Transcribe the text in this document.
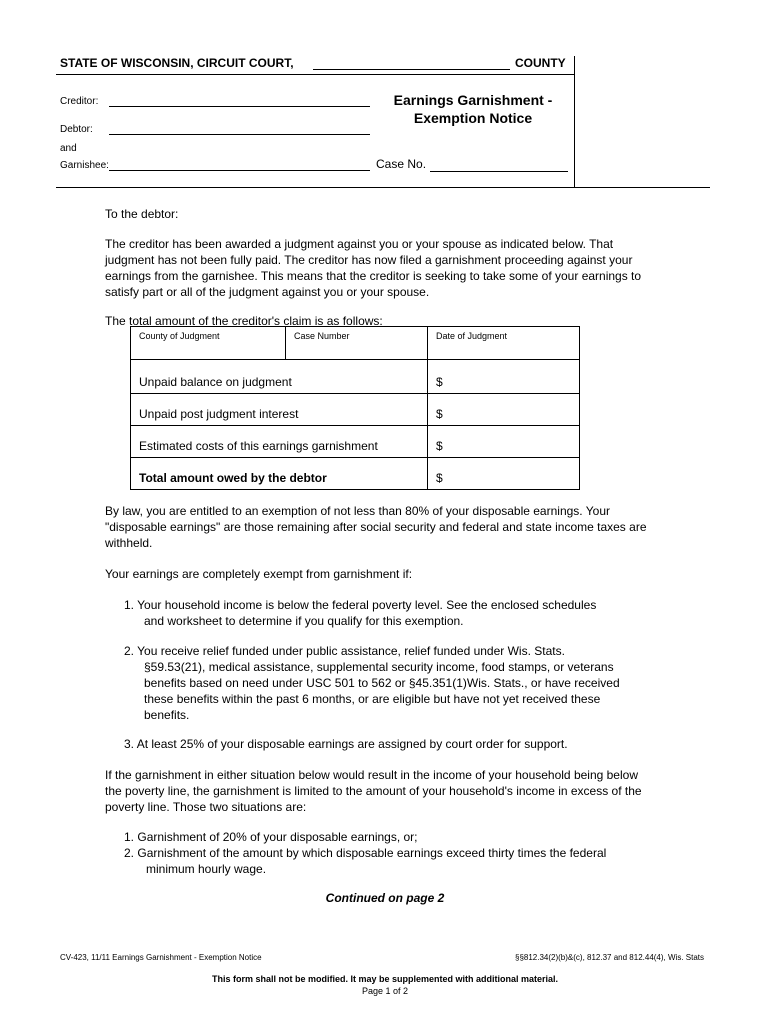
STATE OF WISCONSIN, CIRCUIT COURT,	COUNTY
Creditor:
Debtor:
and
Garnishee:
Earnings Garnishment -
Exemption Notice
Case No.
To the debtor:
The creditor has been awarded a judgment against you or your spouse as indicated below. That judgment has not been fully paid. The creditor has now filed a garnishment proceeding against your earnings from the garnishee. This means that the creditor is seeking to take some of your earnings to satisfy part or all of the judgment against you or your spouse.
The total amount of the creditor's claim is as follows:
County of Judgment	Case Number	Date of Judgment
Unpaid balance on judgment		$
Unpaid post judgment interest		$
Estimated costs of this earnings garnishment		$
Total amount owed by the debtor		$
By law, you are entitled to an exemption of not less than 80% of your disposable earnings. Your "disposable earnings" are those remaining after social security and federal and state income taxes are withheld.
Your earnings are completely exempt from garnishment if:
1. Your household income is below the federal poverty level. See the enclosed schedules
and worksheet to determine if you qualify for this exemption.
2. You receive relief funded under public assistance, relief funded under Wis. Stats.
§59.53(21), medical assistance, supplemental security income, food stamps, or veterans benefits based on need under USC 501 to 562 or §45.351(1)Wis. Stats., or have received these benefits within the past 6 months, or are eligible but have not yet received these benefits.
3. At least 25% of your disposable earnings are assigned by court order for support.
If the garnishment in either situation below would result in the income of your household being below the poverty line, the garnishment is limited to the amount of your household's income in excess of the poverty line. Those two situations are:
1. Garnishment of 20% of your disposable earnings, or;
2. Garnishment of the amount by which disposable earnings exceed thirty times the federal
minimum hourly wage.
Continued on page 2
CV-423, 11/11 Earnings Garnishment - Exemption Notice	§§812.34(2)(b)&(c), 812.37 and 812.44(4), Wis. Stats
This form shall not be modified. It may be supplemented with additional material.
Page 1 of 2
